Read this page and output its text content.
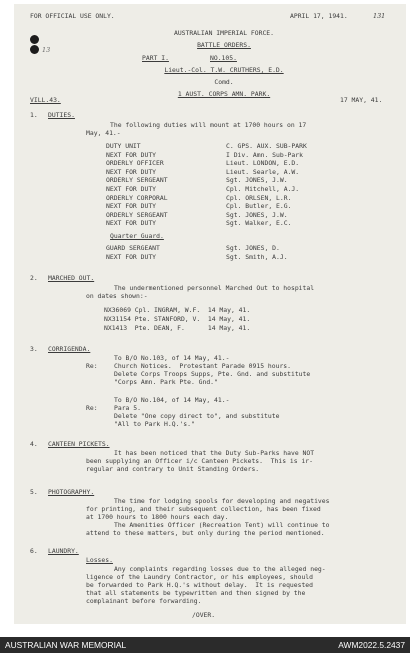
FOR OFFICIAL USE ONLY.	APRIL 17, 1941.	131
13
AUSTRALIAN IMPERIAL FORCE.
BATTLE ORDERS.
PART I.	NO.105.
Lieut.-Col. T.W. CRUTHERS, E.D.
Comd.
1 AUST. CORPS AMN. PARK.
VILL.43.	17 MAY, 41.
1. DUTIES.
The following duties will mount at 1700 hours on 17
May, 41.-
DUTY UNIT	C. GPS. AUX. SUB-PARK
NEXT FOR DUTY	I Div. Amn. Sub-Park
ORDERLY OFFICER	Lieut. LONDON, E.D.
NEXT FOR DUTY	Lieut. Searle, A.W.
ORDERLY SERGEANT	Sgt. JONES, J.W.
NEXT FOR DUTY	Cpl. Mitchell, A.J.
ORDERLY CORPORAL	Cpl. ORLSEN, L.R.
NEXT FOR DUTY	Cpl. Butler, E.G.
ORDERLY SERGEANT	Sgt. JONES, J.W.
NEXT FOR DUTY	Sgt. Walker, E.C.
Quarter Guard.
GUARD SERGEANT	Sgt. JONES, D.
NEXT FOR DUTY	Sgt. Smith, A.J.
2. MARCHED OUT.
The undermentioned personnel Marched Out to hospital
on dates shown:-
NX36069 Cpl. INGRAM, W.F.  14 May, 41.
NX31154 Pte. STANFORD, V.  14 May, 41.
NX1413  Pte. DEAN, F.      14 May, 41.
3. CORRIGENDA.
To B/O No.103, of 14 May, 41.-
Re:	Church Notices.  Protestant Parade 0915 hours.
Delete Corps Troops Supps, Pte. Gnd. and substitute
"Corps Amn. Park Pte. Gnd."
To B/O No.104, of 14 May, 41.-
Re:	Para 5.
Delete "One copy direct to", and substitute
"All to Park H.Q.'s."
4. CANTEEN PICKETS.
It has been noticed that the Duty Sub-Parks have NOT
been supplying an Officer i/c Canteen Pickets.  This is ir-
regular and contrary to Unit Standing Orders.
5. PHOTOGRAPHY.
The time for lodging spools for developing and negatives
for printing, and their subsequent collection, has been fixed
at 1700 hours to 1800 hours each day.
The Amenities Officer (Recreation Tent) will continue to
attend to these matters, but only during the period mentioned.
6. LAUNDRY.
Losses.
Any complaints regarding losses due to the alleged neg-
ligence of the Laundry Contractor, or his employees, should
be forwarded to Park H.Q.'s without delay.  It is requested
that all statements be typewritten and then signed by the
complainant before forwarding.
/OVER.
AUSTRALIAN WAR MEMORIAL	AWM2022.5.2437
